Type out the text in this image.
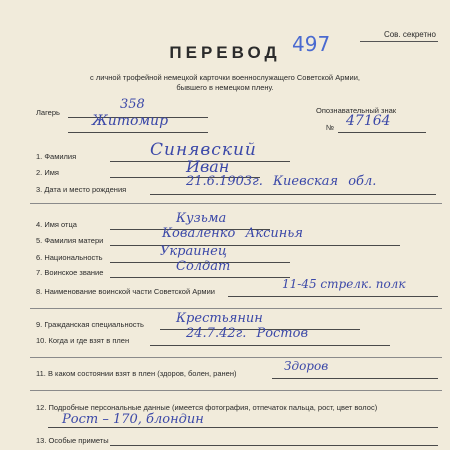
Сов. секретно
ПЕРЕВОД 497
с личной трофейной немецкой карточки военнослужащего Советской Армии,
бывшего в немецком плену.
Лагерь
358
Житомир
Опознавательный знак
№ 47164
1. Фамилия	Синявский
2. Имя	Иван
3. Дата и место рождения
21.6.1903г. Киевская обл.
4. Имя отца	Кузьма
5. Фамилия матери	Коваленко Аксинья
6. Национальность	Украинец
7. Воинское звание	Солдат
8. Наименование воинской части Советской Армии
11-45 стрелк. полк
9. Гражданская специальность Крестьянин
10. Когда и где взят в плен	24.7.42г. Ростов
11. В каком состоянии взят в плен (здоров, болен, ранен)
Здоров
12. Подробные персональные данные (имеется фотография, отпечаток пальца, рост, цвет волос)
Рост – 170, блондин
13. Особые приметы
